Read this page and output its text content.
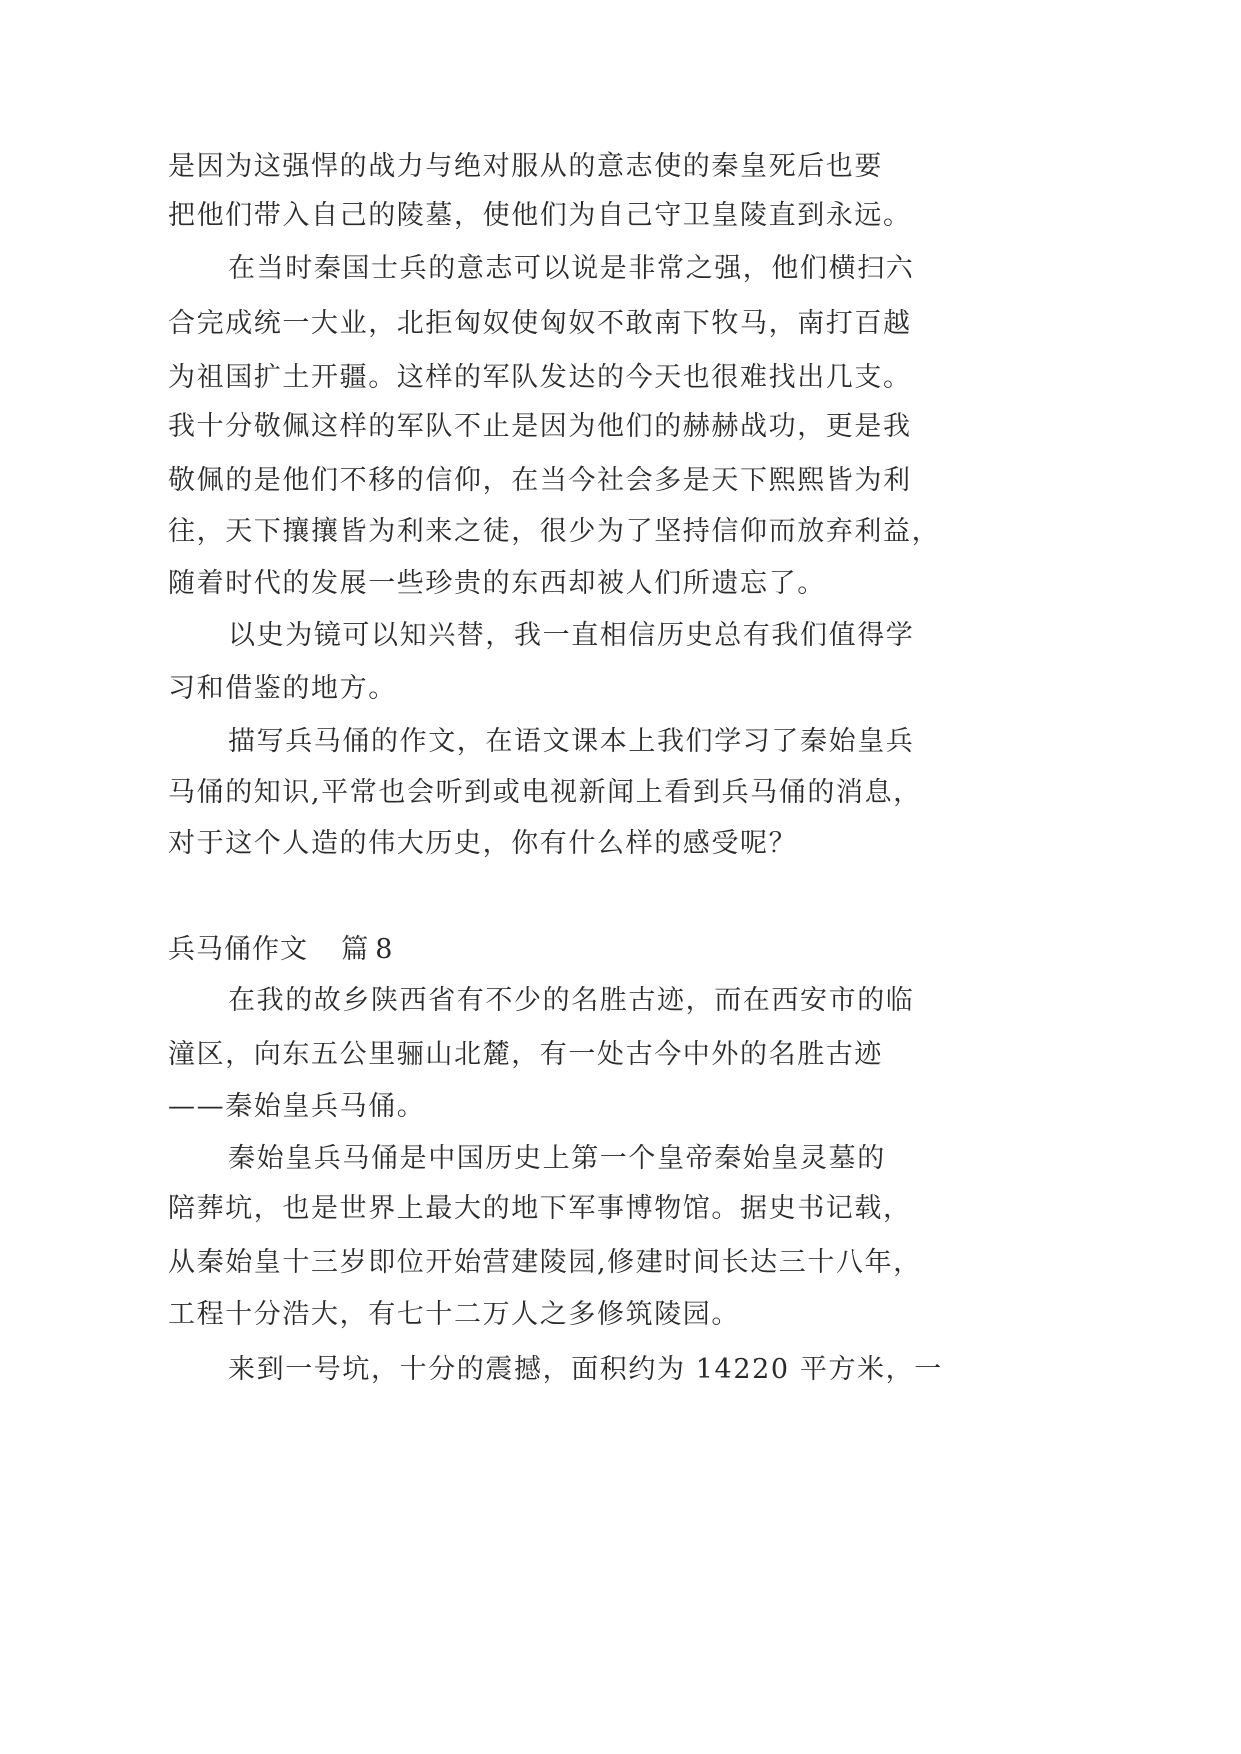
是因为这强悍的战力与绝对服从的意志使的秦皇死后也要
把他们带入自己的陵墓，使他们为自己守卫皇陵直到永远。
在当时秦国士兵的意志可以说是非常之强，他们横扫六
合完成统一大业，北拒匈奴使匈奴不敢南下牧马，南打百越
为祖国扩土开疆。这样的军队发达的今天也很难找出几支。
我十分敬佩这样的军队不止是因为他们的赫赫战功，更是我
敬佩的是他们不移的信仰，在当今社会多是天下熙熙皆为利
往，天下攘攘皆为利来之徒，很少为了坚持信仰而放弃利益，
随着时代的发展一些珍贵的东西却被人们所遗忘了。
以史为镜可以知兴替，我一直相信历史总有我们值得学
习和借鉴的地方。
描写兵马俑的作文，在语文课本上我们学习了秦始皇兵
马俑的知识,平常也会听到或电视新闻上看到兵马俑的消息，
对于这个人造的伟大历史，你有什么样的感受呢？
兵马俑作文 篇 8
在我的故乡陕西省有不少的名胜古迹，而在西安市的临
潼区，向东五公里骊山北麓，有一处古今中外的名胜古迹
——秦始皇兵马俑。
秦始皇兵马俑是中国历史上第一个皇帝秦始皇灵墓的
陪葬坑，也是世界上最大的地下军事博物馆。据史书记载，
从秦始皇十三岁即位开始营建陵园,修建时间长达三十八年，
工程十分浩大，有七十二万人之多修筑陵园。
来到一号坑，十分的震撼，面积约为 14220 平方米，一
